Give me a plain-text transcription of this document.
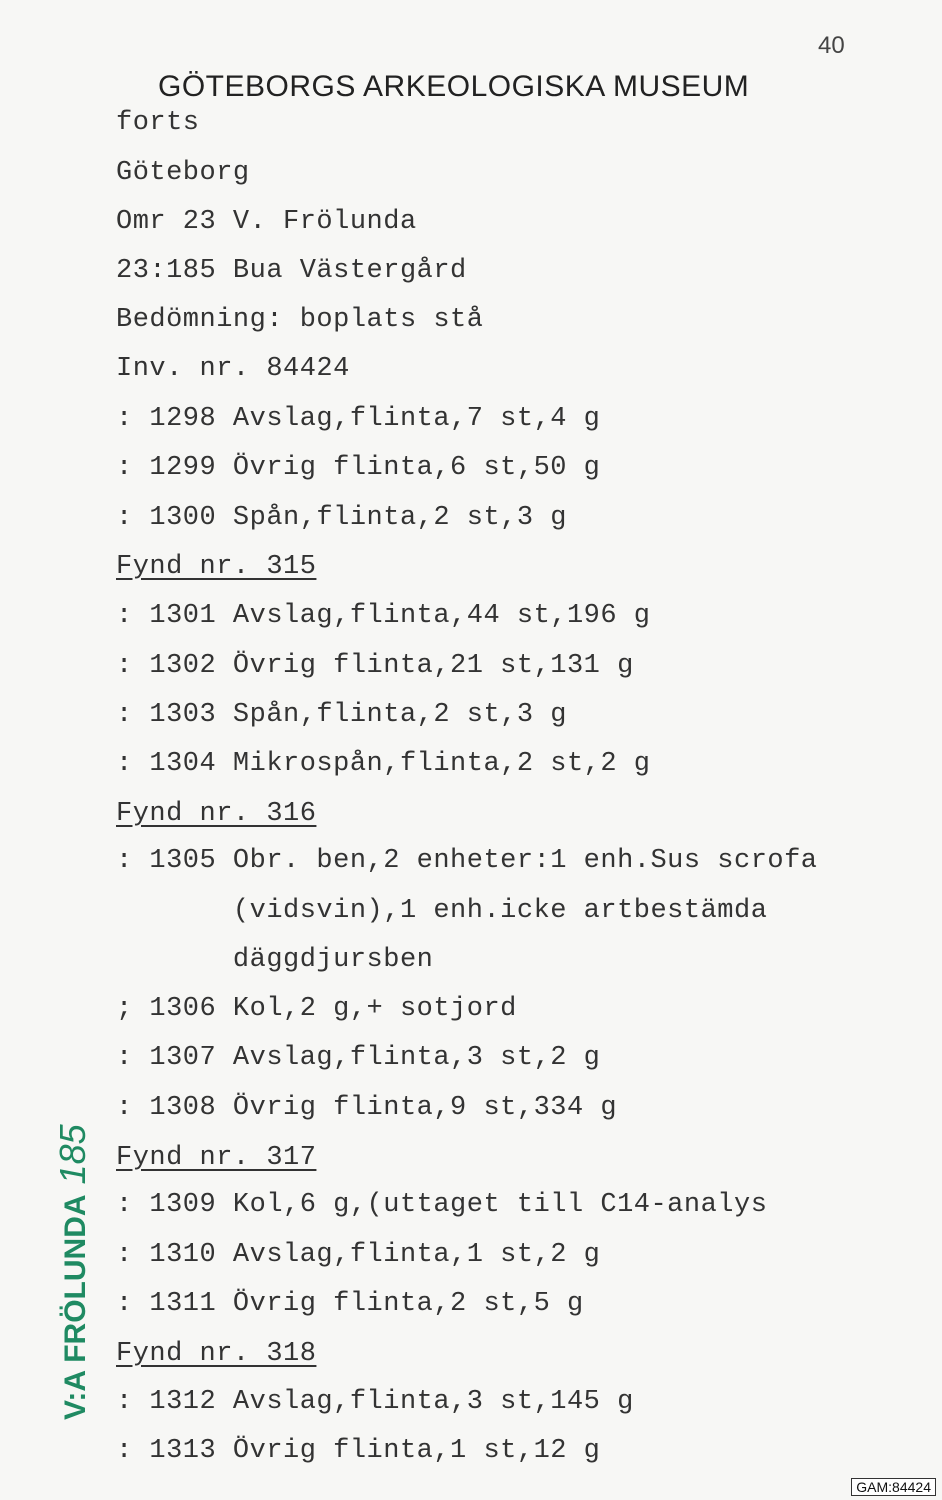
40
GÖTEBORGS ARKEOLOGISKA MUSEUM
forts
Göteborg
Omr 23 V. Frölunda
23:185 Bua Västergård
Bedömning: boplats stå
Inv. nr. 84424
: 1298 Avslag,flinta,7 st,4 g
: 1299 Övrig flinta,6 st,50 g
: 1300 Spån,flinta,2 st,3 g
Fynd nr. 315
: 1301 Avslag,flinta,44 st,196 g
: 1302 Övrig flinta,21 st,131 g
: 1303 Spån,flinta,2 st,3 g
: 1304 Mikrospån,flinta,2 st,2 g
Fynd nr. 316
: 1305 Obr. ben,2 enheter:1 enh.Sus scrofa
(vidsvin),1 enh.icke artbestämda
däggdjursben
; 1306 Kol,2 g,+ sotjord
: 1307 Avslag,flinta,3 st,2 g
: 1308 Övrig flinta,9 st,334 g
Fynd nr. 317
: 1309 Kol,6 g,(uttaget till C14-analys
: 1310 Avslag,flinta,1 st,2 g
: 1311 Övrig flinta,2 st,5 g
Fynd nr. 318
: 1312 Avslag,flinta,3 st,145 g
: 1313 Övrig flinta,1 st,12 g
V:A FRÖLUNDA185
GAM:84424
